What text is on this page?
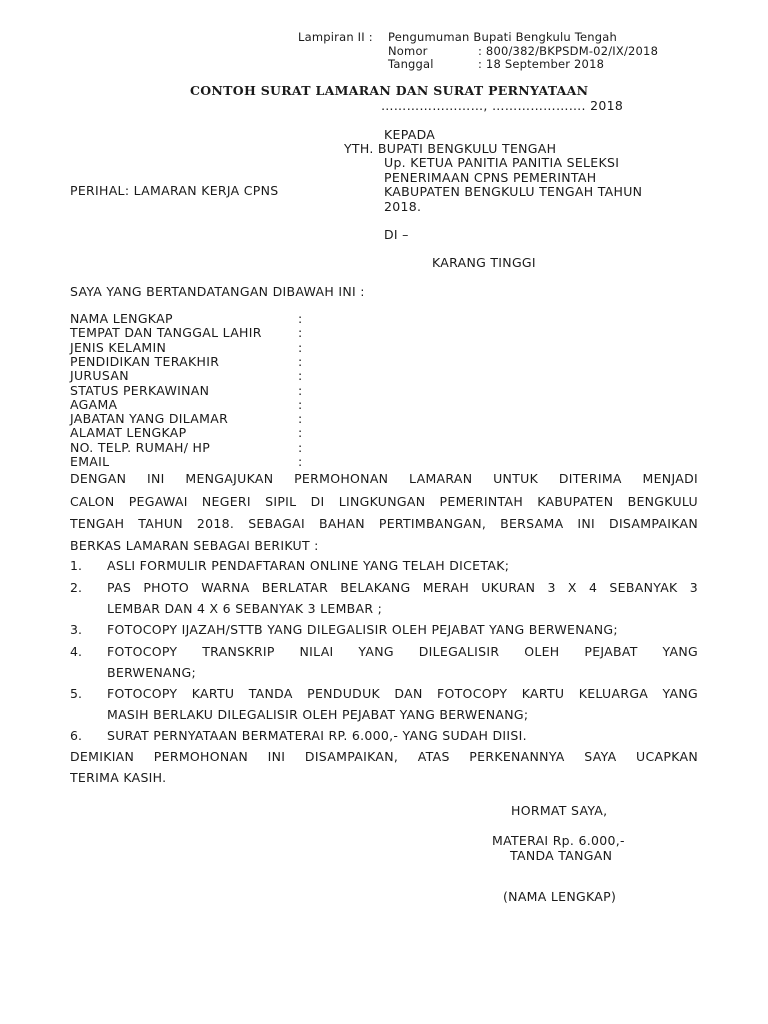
Lampiran II : Pengumuman Bupati Bengkulu Tengah
Nomor	: 800/382/BKPSDM-02/IX/2018
Tanggal	: 18 September 2018
CONTOH SURAT LAMARAN DAN SURAT PERNYATAAN
……………………, …………………. 2018
KEPADA
YTH. BUPATI BENGKULU TENGAH
Up. KETUA PANITIA PANITIA SELEKSI
PENERIMAAN CPNS PEMERINTAH
KABUPATEN BENGKULU TENGAH TAHUN
2018.
PERIHAL: LAMARAN KERJA CPNS
DI –
KARANG TINGGI
SAYA YANG BERTANDATANGAN DIBAWAH INI :
NAMA LENGKAP	:
TEMPAT DAN TANGGAL LAHIR	:
JENIS KELAMIN	:
PENDIDIKAN TERAKHIR	:
JURUSAN	:
STATUS PERKAWINAN	:
AGAMA	:
JABATAN YANG DILAMAR	:
ALAMAT LENGKAP	:
NO. TELP. RUMAH/ HP	:
EMAIL	:
DENGAN INI MENGAJUKAN PERMOHONAN LAMARAN UNTUK DITERIMA MENJADI
CALON PEGAWAI NEGERI SIPIL DI LINGKUNGAN PEMERINTAH KABUPATEN BENGKULU
TENGAH TAHUN 2018. SEBAGAI BAHAN PERTIMBANGAN, BERSAMA INI DISAMPAIKAN
BERKAS LAMARAN SEBAGAI BERIKUT :
1. ASLI FORMULIR PENDAFTARAN ONLINE YANG TELAH DICETAK;
2. PAS PHOTO WARNA BERLATAR BELAKANG MERAH UKURAN 3 X 4 SEBANYAK 3
LEMBAR DAN 4 X 6 SEBANYAK 3 LEMBAR ;
3. FOTOCOPY IJAZAH/STTB YANG DILEGALISIR OLEH PEJABAT YANG BERWENANG;
4. FOTOCOPY TRANSKRIP NILAI YANG DILEGALISIR OLEH PEJABAT YANG
BERWENANG;
5. FOTOCOPY KARTU TANDA PENDUDUK DAN FOTOCOPY KARTU KELUARGA YANG
MASIH BERLAKU DILEGALISIR OLEH PEJABAT YANG BERWENANG;
6. SURAT PERNYATAAN BERMATERAI RP. 6.000,- YANG SUDAH DIISI.
DEMIKIAN PERMOHONAN INI DISAMPAIKAN, ATAS PERKENANNYA SAYA UCAPKAN
TERIMA KASIH.
HORMAT SAYA,
MATERAI Rp. 6.000,-
TANDA TANGAN
(NAMA LENGKAP)
